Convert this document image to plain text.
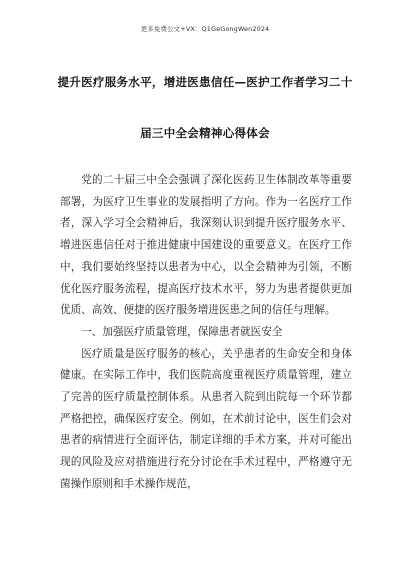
更多免费公文+VX：Q1GeGongWen2024
提升医疗服务水平，增进医患信任—医护工作者学习二十
届三中全会精神心得体会

党的二十届三中全会强调了深化医药卫生体制改革等重要部署，为医疗卫生事业的发展指明了方向。作为一名医疗工作者，深入学习全会精神后，我深刻认识到提升医疗服务水平、增进医患信任对于推进健康中国建设的重要意义。在医疗工作中，我们要始终坚持以患者为中心，以全会精神为引领，不断优化医疗服务流程，提高医疗技术水平，努力为患者提供更加优质、高效、便捷的医疗服务增进医患之间的信任与理解。

一、加强医疗质量管理，保障患者就医安全

医疗质量是医疗服务的核心，关乎患者的生命安全和身体健康。在实际工作中，我们医院高度重视医疗质量管理，建立了完善的医疗质量控制体系。从患者入院到出院每一个环节都严格把控，确保医疗安全。例如，在术前讨论中，医生们会对患者的病情进行全面评估，制定详细的手术方案，并对可能出现的风险及应对措施进行充分讨论在手术过程中，严格遵守无菌操作原则和手术操作规范，
